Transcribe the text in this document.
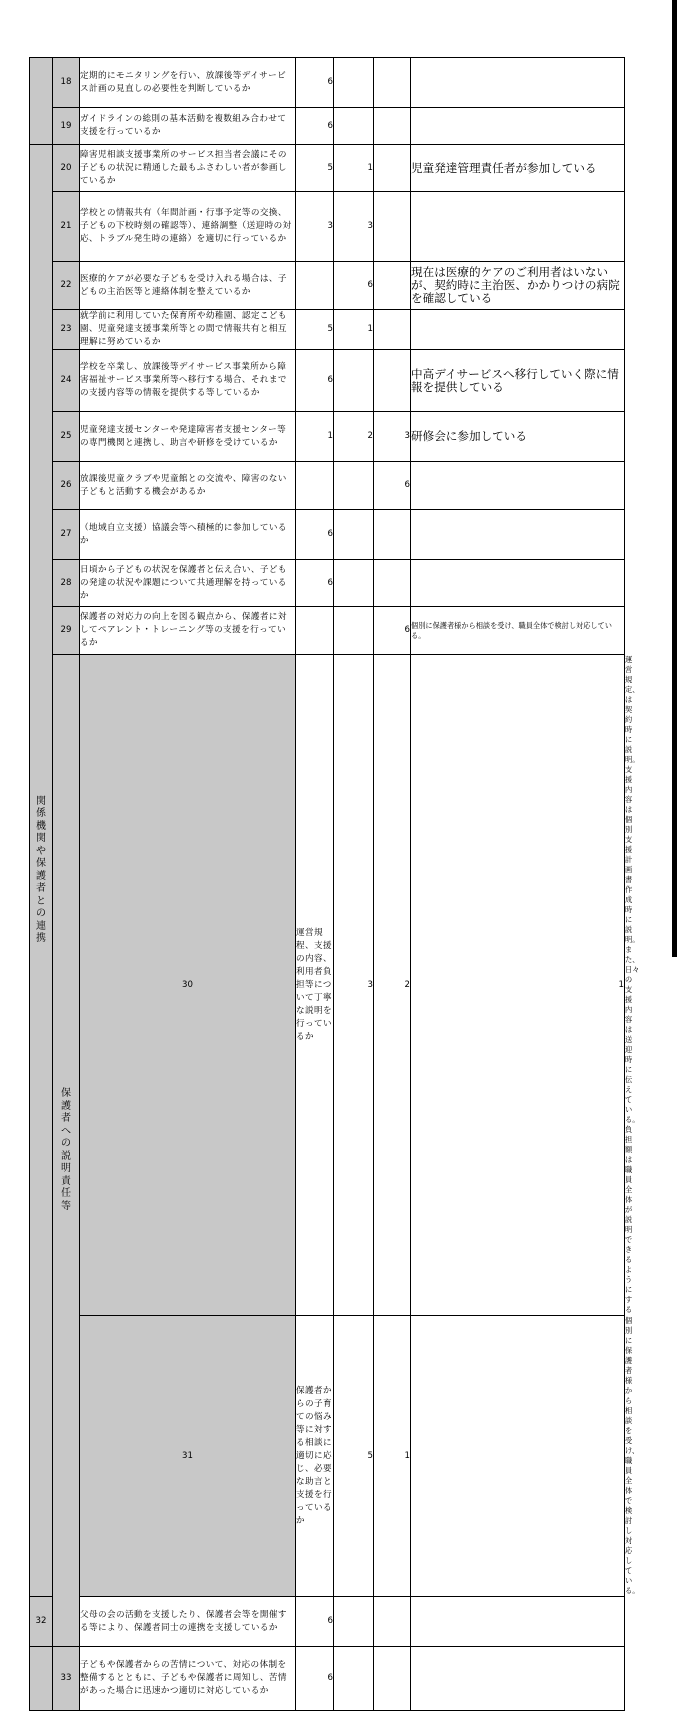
	18	定期的にモニタリングを行い、放課後等デイサービス計画の見直しの必要性を判断しているか	6				
	19	ガイドラインの総則の基本活動を複数組み合わせて支援を行っているか	6				

関係機関や保護者との連携	20	障害児相談支援事業所のサービス担当者会議にその子どもの状況に精通した最もふさわしい者が参画しているか	5	1		児童発達管理責任者が参加している	
	21	学校との情報共有（年間計画・行事予定等の交換、子どもの下校時刻の確認等）、連絡調整（送迎時の対応、トラブル発生時の連絡）を適切に行っているか	3	3			
	22	医療的ケアが必要な子どもを受け入れる場合は、子どもの主治医等と連絡体制を整えているか		6		現在は医療的ケアのご利用者はいないが、契約時に主治医、かかりつけの病院を確認している	
	23	就学前に利用していた保育所や幼稚園、認定こども園、児童発達支援事業所等との間で情報共有と相互理解に努めているか	5	1			
	24	学校を卒業し、放課後等デイサービス事業所から障害福祉サービス事業所等へ移行する場合、それまでの支援内容等の情報を提供する等しているか	6			中高デイサービスへ移行していく際に情報を提供している	
	25	児童発達支援センターや発達障害者支援センター等の専門機関と連携し、助言や研修を受けているか	1	2	3	研修会に参加している	
	26	放課後児童クラブや児童館との交流や、障害のない子どもと活動する機会があるか			6		
	27	（地域自立支援）協議会等へ積極的に参加しているか	6				
	28	日頃から子どもの状況を保護者と伝え合い、子どもの発達の状況や課題について共通理解を持っているか	6				
	29	保護者の対応力の向上を図る観点から、保護者に対してペアレント・トレーニング等の支援を行っているか			6	個別に保護者様から相談を受け、職員全体で検討し対応している。	

	保護者への説明責任等	30	運営規程、支援の内容、利用者負担等について丁寧な説明を行っているか	3	2	1	運営規定、は契約時に説明。支援内容は個別支援計画書作成時に説明。また、日々の支援内容は送迎時に伝えている。負担額は職員全体が説明できるようにする
		31	保護者からの子育ての悩み等に対する相談に適切に応じ、必要な助言と支援を行っているか	5	1		個別に保護者様から相談を受け、職員全体で検討し対応している。
32		父母の会の活動を支援したり、保護者会等を開催する等により、保護者同士の連携を支援しているか	6				

	33	子どもや保護者からの苦情について、対応の体制を整備するとともに、子どもや保護者に周知し、苦情があった場合に迅速かつ適切に対応しているか	6				
